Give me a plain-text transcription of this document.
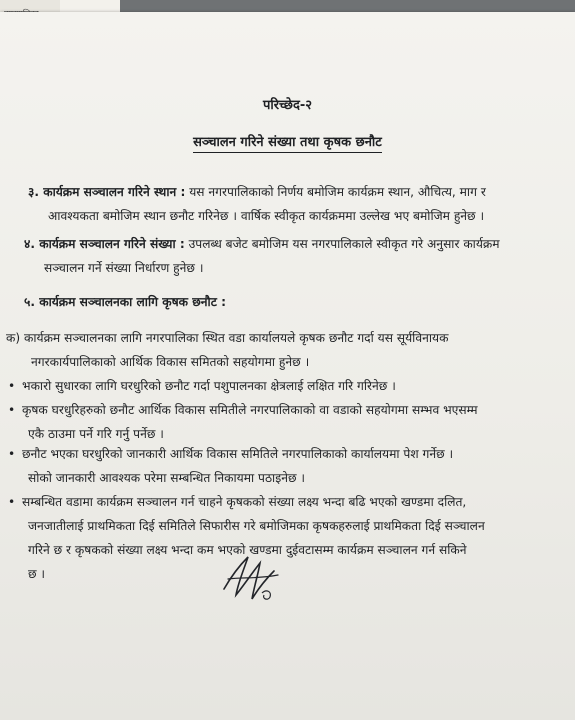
परिच्छेद-२
सञ्चालन गरिने संख्या तथा कृषक छनौट
३. कार्यक्रम सञ्चालन गरिने स्थान : यस नगरपालिकाको निर्णय बमोजिम कार्यक्रम स्थान, औचित्य, माग र
आवश्यकता बमोजिम स्थान छनौट गरिनेछ । वार्षिक स्वीकृत कार्यक्रममा उल्लेख भए बमोजिम हुनेछ ।
४. कार्यक्रम सञ्चालन गरिने संख्या : उपलब्ध बजेट बमोजिम यस नगरपालिकाले स्वीकृत गरे अनुसार कार्यक्रम
सञ्चालन गर्ने संख्या निर्धारण हुनेछ ।
५. कार्यक्रम सञ्चालनका लागि कृषक छनौट :
क) कार्यक्रम सञ्चालनका लागि नगरपालिका स्थित वडा कार्यालयले कृषक छनौट गर्दा यस सूर्यविनायक
नगरकार्यपालिकाको आर्थिक विकास समितको सहयोगमा हुनेछ ।
• भकारो सुधारका लागि घरधुरिको छनौट गर्दा पशुपालनका क्षेत्रलाई लक्षित गरि गरिनेछ ।
• कृषक घरधुरिहरुको छनौट आर्थिक विकास समितीले नगरपालिकाको वा वडाको सहयोगमा सम्भव भएसम्म
एकै ठाउमा पर्ने गरि गर्नु पर्नेछ ।
• छनौट भएका घरधुरिको जानकारी आर्थिक विकास समितिले नगरपालिकाको कार्यालयमा पेश गर्नेछ ।
सोको जानकारी आवश्यक परेमा सम्बन्धित निकायमा पठाइनेछ ।
• सम्बन्धित वडामा कार्यक्रम सञ्चालन गर्न चाहने कृषकको संख्या लक्ष्य भन्दा बढि भएको खण्डमा दलित,
जनजातीलाई प्राथमिकता दिई समितिले सिफारीस गरे बमोजिमका कृषकहरुलाई प्राथमिकता दिई सञ्चालन
गरिने छ र कृषकको संख्या लक्ष्य भन्दा कम भएको खण्डमा दुईवटासम्म कार्यक्रम सञ्चालन गर्न सकिने
छ ।
